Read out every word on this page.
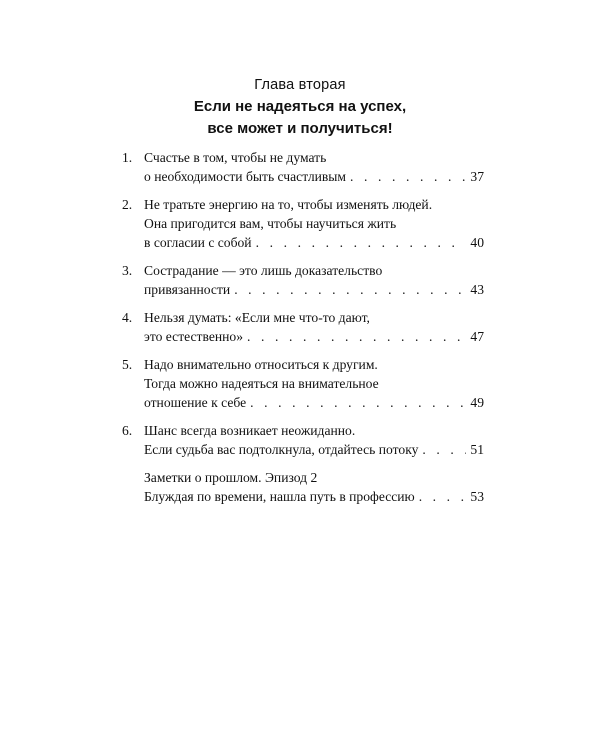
Глава вторая
Если не надеяться на успех,
все может и получиться!
1. Счастье в том, чтобы не думать
о необходимости быть счастливым . . .	37
2. Не тратьте энергию на то, чтобы изменять людей.
Она пригодится вам, чтобы научиться жить
в согласии с собой . . .	40
3. Сострадание — это лишь доказательство
привязанности . . .	43
4. Нельзя думать: «Если мне что-то дают,
это естественно» . . .	47
5. Надо внимательно относиться к другим.
Тогда можно надеяться на внимательное
отношение к себе . . .	49
6. Шанс всегда возникает неожиданно.
Если судьба вас подтолкнула, отдайтесь потоку . . .	51
Заметки о прошлом. Эпизод 2
Блуждая по времени, нашла путь в профессию . . .	53
